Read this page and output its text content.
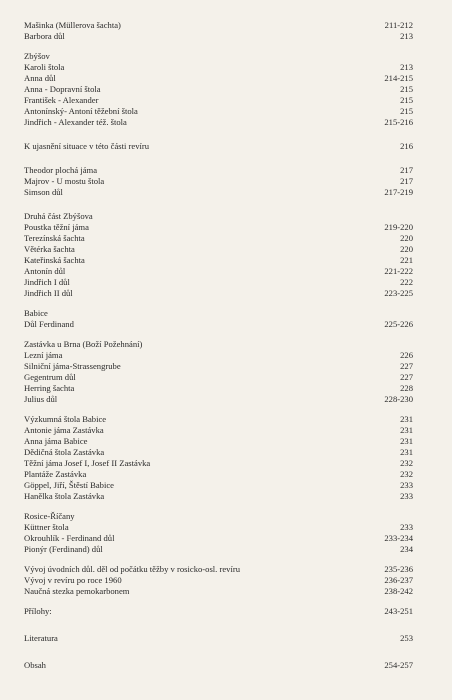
Mašinka (Müllerova šachta)	211-212
Barbora důl	213
Zbýšov
Karoli štola	213
Anna důl	214-215
Anna - Dopravní štola	215
František - Alexander	215
Antonínský- Antoní těžební štola	215
Jindřich - Alexander též. štola	215-216
K ujasnění situace v této části revíru	216
Theodor plochá jáma	217
Majrov - U mostu štola	217
Simson důl	217-219
Druhá část Zbýšova
Poustka těžní jáma	219-220
Terezínská šachta	220
Větérka šachta	220
Kateřinská šachta	221
Antonín důl	221-222
Jindřich I důl	222
Jindřich II důl	223-225
Babice
Důl Ferdinand	225-226
Zastávka u Brna (Boží Požehnání)
Lezní jáma	226
Silniční jáma-Strassengrube	227
Gegentrum důl	227
Herring šachta	228
Julius důl	228-230
Výzkumná štola Babice	231
Antonie jáma Zastávka	231
Anna jáma Babice	231
Dědičná štola Zastávka	231
Těžní jáma Josef I, Josef II Zastávka	232
Plantáže Zastávka	232
Göppel, Jiří, Štěstí Babice	233
Hanělka štola Zastávka	233
Rosice-Říčany
Küttner štola	233
Okrouhlík - Ferdinand důl	233-234
Pionýr (Ferdinand) důl	234
Vývoj úvodních důl. děl od počátku těžby v rosicko-osl. revíru	235-236
Vývoj v revíru po roce 1960	236-237
Naučná stezka pemokarbonem	238-242
Přílohy:	243-251
Literatura	253
Obsah	254-257
